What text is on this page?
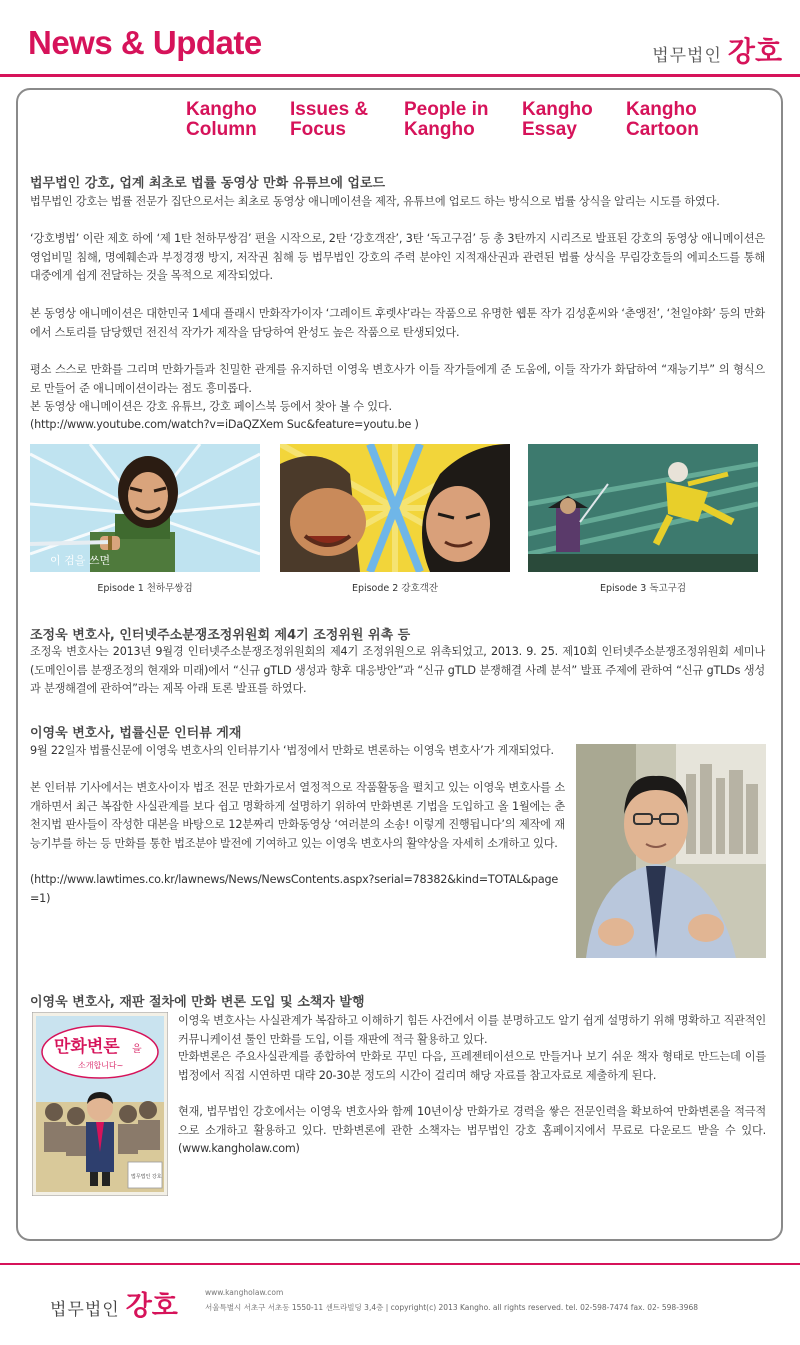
News & Update	법무법인 강호
Kangho
Column
Issues &
Focus
People in
Kangho
Kangho
Essay
Kangho
Cartoon
법무법인 강호, 업계 최초로 법률 동영상 만화 유튜브에 업로드
법무법인 강호는 법률 전문가 집단으로서는 최초로 동영상 애니메이션을 제작, 유튜브에 업로드 하는 방식으로 법률 상식을 알리는 시도를 하였다.
‘강호병법’ 이란 제호 하에 ‘제 1탄 천하무쌍검’ 편을 시작으로, 2탄 ‘강호객잔’, 3탄 ‘독고구검’ 등 총 3탄까지 시리즈로 발표된 강호의 동영상 애니메이션은 영업비밀 침해, 명예훼손과 부정경쟁 방지, 저작권 침해 등 법무법인 강호의 주력 분야인 지적재산권과 관련된 법률 상식을 무림강호들의 에피소드를 통해 대중에게 쉽게 전달하는 것을 목적으로 제작되었다.
본 동영상 애니메이션은 대한민국 1세대 플래시 만화작가이자 ‘그레이트 후렛샤’라는 작품으로 유명한 웹툰 작가 김성훈씨와 ‘춘앵전’, ‘천일야화’ 등의 만화에서 스토리를 담당했던 전진석 작가가 제작을 담당하여 완성도 높은 작품으로 탄생되었다.
평소 스스로 만화를 그리며 만화가들과 친밀한 관계를 유지하던 이영욱 변호사가 이들 작가들에게 준 도움에, 이들 작가가 화답하여 “재능기부” 의 형식으로 만들어 준 애니메이션이라는 점도 흥미롭다.
본 동영상 애니메이션은 강호 유튜브, 강호 페이스북 등에서 찾아 볼 수 있다.
(http://www.youtube.com/watch?v=iDaQZXem Suc&feature=youtu.be )
이 검을 쓰면
Episode 1 천하무쌍검	Episode 2 강호객잔	Episode 3 독고구검
조정욱 변호사, 인터넷주소분쟁조정위원회 제4기 조정위원 위촉 등
조정욱 변호사는 2013년 9월경 인터넷주소분쟁조정위원회의 제4기 조정위원으로 위촉되었고, 2013. 9. 25. 제10회 인터넷주소분쟁조정위원회 세미나(도메인이름 분쟁조정의 현재와 미래)에서 “신규 gTLD 생성과 향후 대응방안”과 “신규 gTLD 분쟁해결 사례 분석” 발표 주제에 관하여 “신규 gTLDs 생성과 분쟁해결에 관하여”라는 제목 아래 토론 발표를 하였다.
이영욱 변호사, 법률신문 인터뷰 게재
9월 22일자 법률신문에 이영욱 변호사의 인터뷰기사 ‘법정에서 만화로 변론하는 이영욱 변호사’가 게재되었다.
본 인터뷰 기사에서는 변호사이자 법조 전문 만화가로서 열정적으로 작품활동을 펼치고 있는 이영욱 변호사를 소개하면서 최근 복잡한 사실관계를 보다 쉽고 명확하게 설명하기 위하여 만화변론 기법을 도입하고 올 1월에는 춘천지법 판사들이 작성한 대본을 바탕으로 12분짜리 만화동영상 ‘여러분의 소송! 이렇게 진행됩니다’의 제작에 재능기부를 하는 등 만화를 통한 법조분야 발전에 기여하고 있는 이영욱 변호사의 활약상을 자세히 소개하고 있다.
(http://www.lawtimes.co.kr/lawnews/News/NewsContents.aspx?serial=78382&kind=TOTAL&page=1)
이영욱 변호사, 재판 절차에 만화 변론 도입 및 소책자 발행
이영욱 변호사는 사실관계가 복잡하고 이해하기 힘든 사건에서 이를 분명하고도 알기 쉽게 설명하기 위해 명확하고 직관적인 커뮤니케이션 툴인 만화를 도입, 이를 재판에 적극 활용하고 있다.
만화변론은 주요사실관계를 종합하여 만화로 꾸민 다음, 프레젠테이션으로 만들거나 보기 쉬운 책자 형태로 만드는데 이를 법정에서 직접 시연하면 대략 20-30분 정도의 시간이 걸리며 해당 자료를 참고자료로 제출하게 된다.
현재, 법무법인 강호에서는 이영욱 변호사와 함께 10년이상 만화가로 경력을 쌓은 전문인력을 확보하여 만화변론을 적극적으로 소개하고 활용하고 있다. 만화변론에 관한 소책자는 법무법인 강호 홈페이지에서 무료로 다운로드 받을 수 있다. (www.kangholaw.com)
만화변론 을
소개합니다~
법무법인 강호
법무법인 강호	www.kangholaw.com
서울특별시 서초구 서초동 1550-11 센트라빌딩 3,4층 | copyright(c) 2013 Kangho. all rights reserved. tel. 02-598-7474 fax. 02- 598-3968
